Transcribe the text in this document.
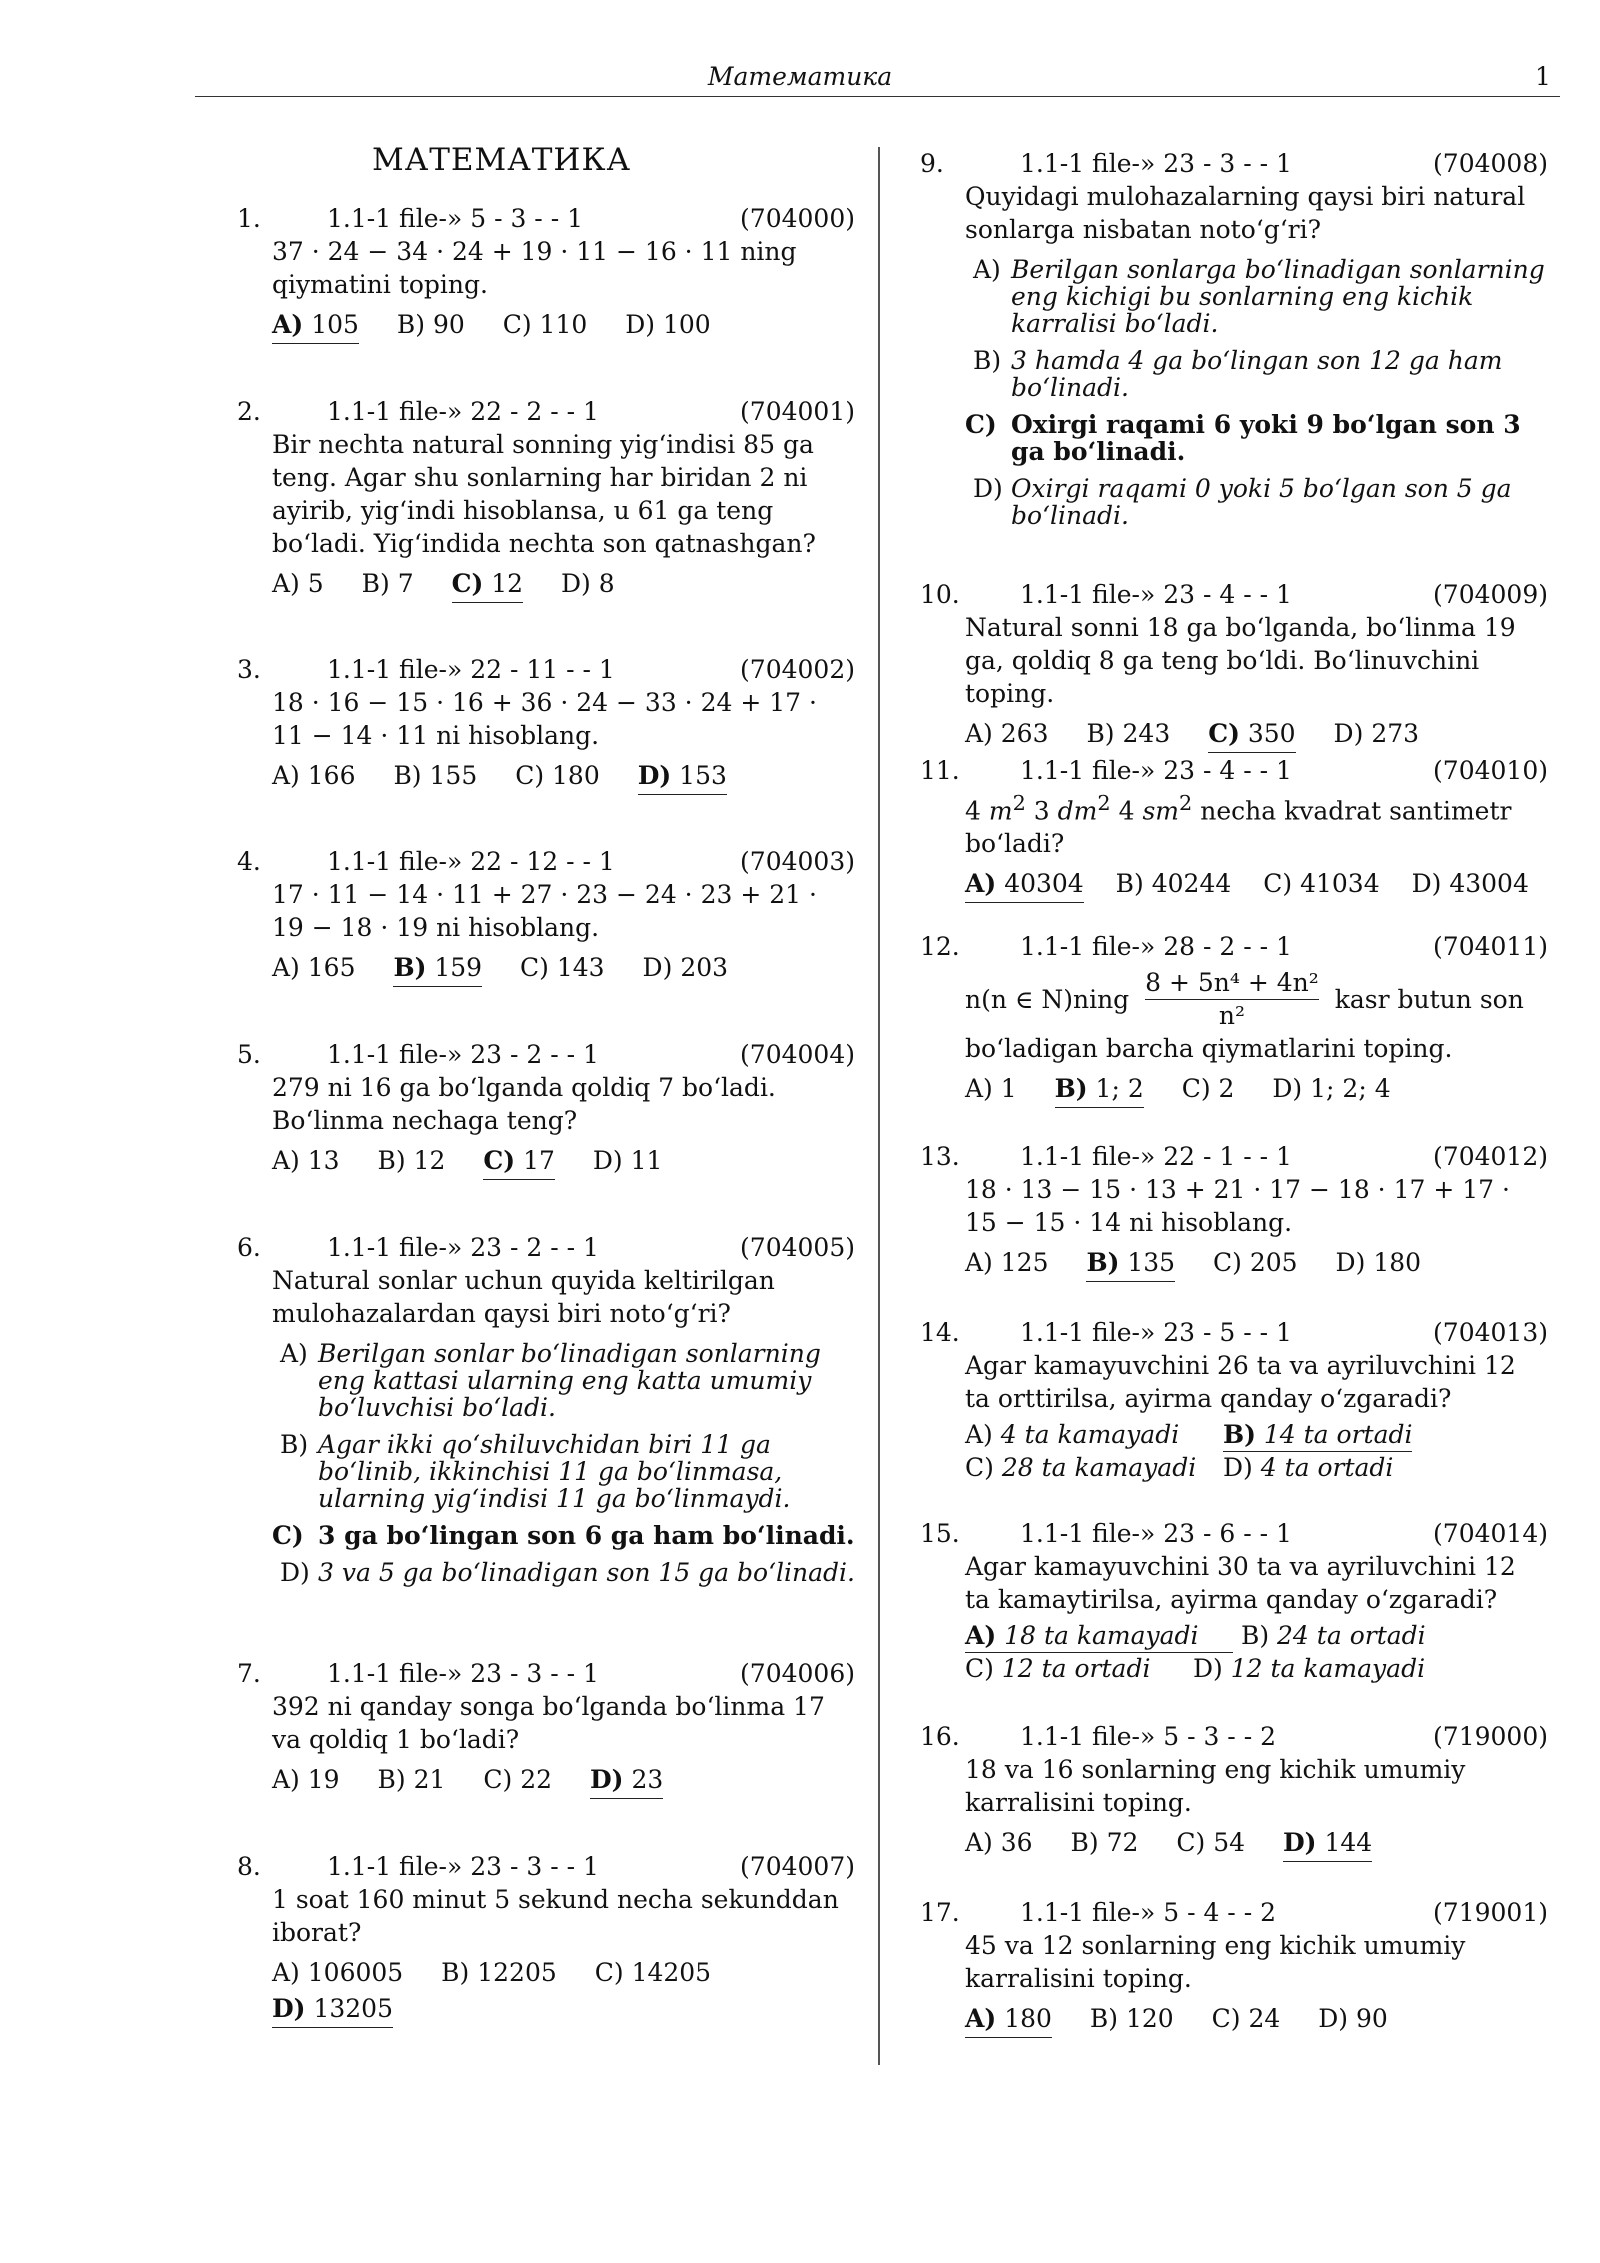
Математика	1
МАТЕМАТИКА
1.	1.1-1 file-» 5 - 3 - - 1	(704000)
37 · 24 − 34 · 24 + 19 · 11 − 16 · 11 ning qiymatini toping.
A) 105 B) 90 C) 110 D) 100
2.	1.1-1 file-» 22 - 2 - - 1	(704001)
Bir nechta natural sonning yig‘indisi 85 ga teng. Agar shu sonlarning har biridan 2 ni ayirib, yig‘indi hisoblansa, u 61 ga teng bo‘ladi. Yig‘indida nechta son qatnashgan?
A) 5 B) 7 C) 12 D) 8
3.	1.1-1 file-» 22 - 11 - - 1	(704002)
18 · 16 − 15 · 16 + 36 · 24 − 33 · 24 + 17 · 11 − 14 · 11 ni hisoblang.
A) 166 B) 155 C) 180 D) 153
4.	1.1-1 file-» 22 - 12 - - 1	(704003)
17 · 11 − 14 · 11 + 27 · 23 − 24 · 23 + 21 · 19 − 18 · 19 ni hisoblang.
A) 165 B) 159 C) 143 D) 203
5.	1.1-1 file-» 23 - 2 - - 1	(704004)
279 ni 16 ga bo‘lganda qoldiq 7 bo‘ladi. Bo‘linma nechaga teng?
A) 13 B) 12 C) 17 D) 11
6.	1.1-1 file-» 23 - 2 - - 1	(704005)
Natural sonlar uchun quyida keltirilgan mulohazalardan qaysi biri noto‘g‘ri?
A) Berilgan sonlar bo‘linadigan sonlarning eng kattasi ularning eng katta umumiy bo‘luvchisi bo‘ladi.
B) Agar ikki qo‘shiluvchidan biri 11 ga bo‘linib, ikkinchisi 11 ga bo‘linmasa, ularning yig‘indisi 11 ga bo‘linmaydi.
C) 3 ga bo‘lingan son 6 ga ham bo‘linadi.
D) 3 va 5 ga bo‘linadigan son 15 ga bo‘linadi.
7.	1.1-1 file-» 23 - 3 - - 1	(704006)
392 ni qanday songa bo‘lganda bo‘linma 17 va qoldiq 1 bo‘ladi?
A) 19 B) 21 C) 22 D) 23
8.	1.1-1 file-» 23 - 3 - - 1	(704007)
1 soat 160 minut 5 sekund necha sekunddan iborat?
A) 106005 B) 12205 C) 14205 D) 13205
9.	1.1-1 file-» 23 - 3 - - 1	(704008)
Quyidagi mulohazalarning qaysi biri natural sonlarga nisbatan noto‘g‘ri?
A) Berilgan sonlarga bo‘linadigan sonlarning eng kichigi bu sonlarning eng kichik karralisi bo‘ladi.
B) 3 hamda 4 ga bo‘lingan son 12 ga ham bo‘linadi.
C) Oxirgi raqami 6 yoki 9 bo‘lgan son 3 ga bo‘linadi.
D) Oxirgi raqami 0 yoki 5 bo‘lgan son 5 ga bo‘linadi.
10. 1.1-1 file-» 23 - 4 - - 1	(704009)
Natural sonni 18 ga bo‘lganda, bo‘linma 19 ga, qoldiq 8 ga teng bo‘ldi. Bo‘linuvchini toping.
A) 263 B) 243 C) 350 D) 273
11. 1.1-1 file-» 23 - 4 - - 1	(704010)
4 $m^2$ 3 $dm^2$ 4 $sm^2$ necha kvadrat santimetr
bo‘ladi?
A) 40304 B) 40244 C) 41034 D) 43004
12. 1.1-1 file-» 28 - 2 - - 1	(704011)
n(n ∈ N)ning $\frac{\text{8 + 5n⁴ + 4n²}}{\text{n²}}$ kasr butun son
bo‘ladigan barcha qiymatlarini toping.
A) 1 B) 1; 2 C) 2 D) 1; 2; 4
13. 1.1-1 file-» 22 - 1 - - 1	(704012)
18 · 13 − 15 · 13 + 21 · 17 − 18 · 17 + 17 · 15 − 15 · 14 ni hisoblang.
A) 125 B) 135 C) 205 D) 180
14. 1.1-1 file-» 23 - 5 - - 1	(704013)
Agar kamayuvchini 26 ta va ayriluvchini 12 ta orttirilsa, ayirma qanday o‘zgaradi?
A) 4 ta kamayadi B) 14 ta ortadi
C) 28 ta kamayadi D) 4 ta ortadi
15. 1.1-1 file-» 23 - 6 - - 1	(704014)
Agar kamayuvchini 30 ta va ayriluvchini 12 ta kamaytirilsa, ayirma qanday o‘zgaradi?
A) 18 ta kamayadi B) 24 ta ortadi
C) 12 ta ortadi D) 12 ta kamayadi
16. 1.1-1 file-» 5 - 3 - - 2	(719000)
18 va 16 sonlarning eng kichik umumiy karralisini toping.
A) 36 B) 72 C) 54 D) 144
17. 1.1-1 file-» 5 - 4 - - 2	(719001)
45 va 12 sonlarning eng kichik umumiy karralisini toping.
A) 180 B) 120 C) 24 D) 90
